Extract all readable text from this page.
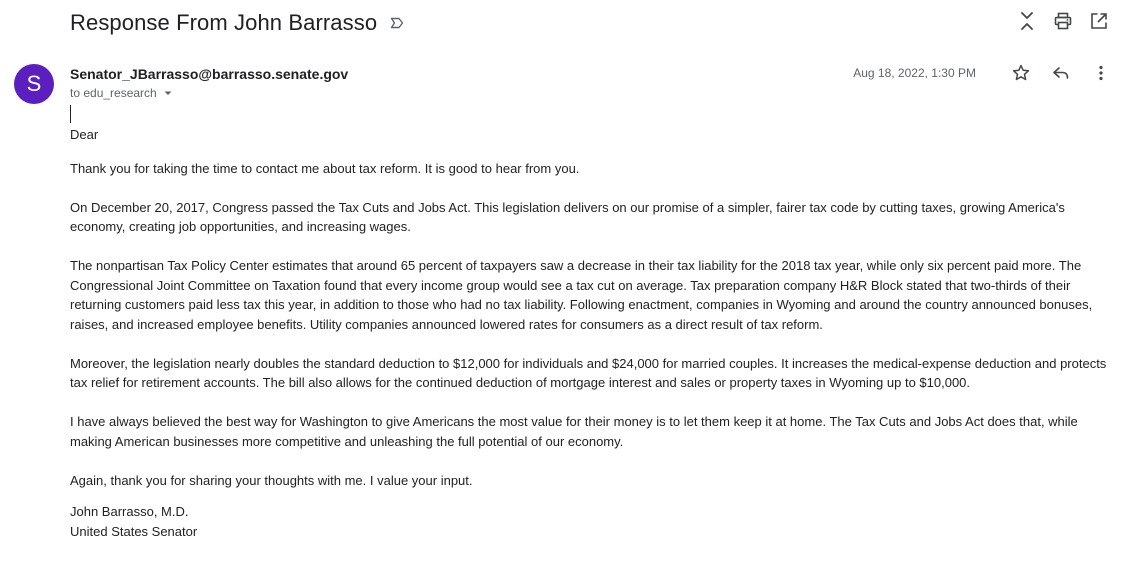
Response From John Barrasso
S Senator_JBarrasso@barrasso.senate.gov
to edu_research
Aug 18, 2022, 1:30 PM

Dear

Thank you for taking the time to contact me about tax reform. It is good to hear from you.

On December 20, 2017, Congress passed the Tax Cuts and Jobs Act. This legislation delivers on our promise of a simpler, fairer tax code by cutting taxes, growing America's economy, creating job opportunities, and increasing wages.

The nonpartisan Tax Policy Center estimates that around 65 percent of taxpayers saw a decrease in their tax liability for the 2018 tax year, while only six percent paid more. The Congressional Joint Committee on Taxation found that every income group would see a tax cut on average. Tax preparation company H&R Block stated that two-thirds of their returning customers paid less tax this year, in addition to those who had no tax liability. Following enactment, companies in Wyoming and around the country announced bonuses, raises, and increased employee benefits. Utility companies announced lowered rates for consumers as a direct result of tax reform.

Moreover, the legislation nearly doubles the standard deduction to $12,000 for individuals and $24,000 for married couples. It increases the medical-expense deduction and protects tax relief for retirement accounts. The bill also allows for the continued deduction of mortgage interest and sales or property taxes in Wyoming up to $10,000.

I have always believed the best way for Washington to give Americans the most value for their money is to let them keep it at home. The Tax Cuts and Jobs Act does that, while making American businesses more competitive and unleashing the full potential of our economy.

Again, thank you for sharing your thoughts with me. I value your input.

John Barrasso, M.D.
United States Senator
